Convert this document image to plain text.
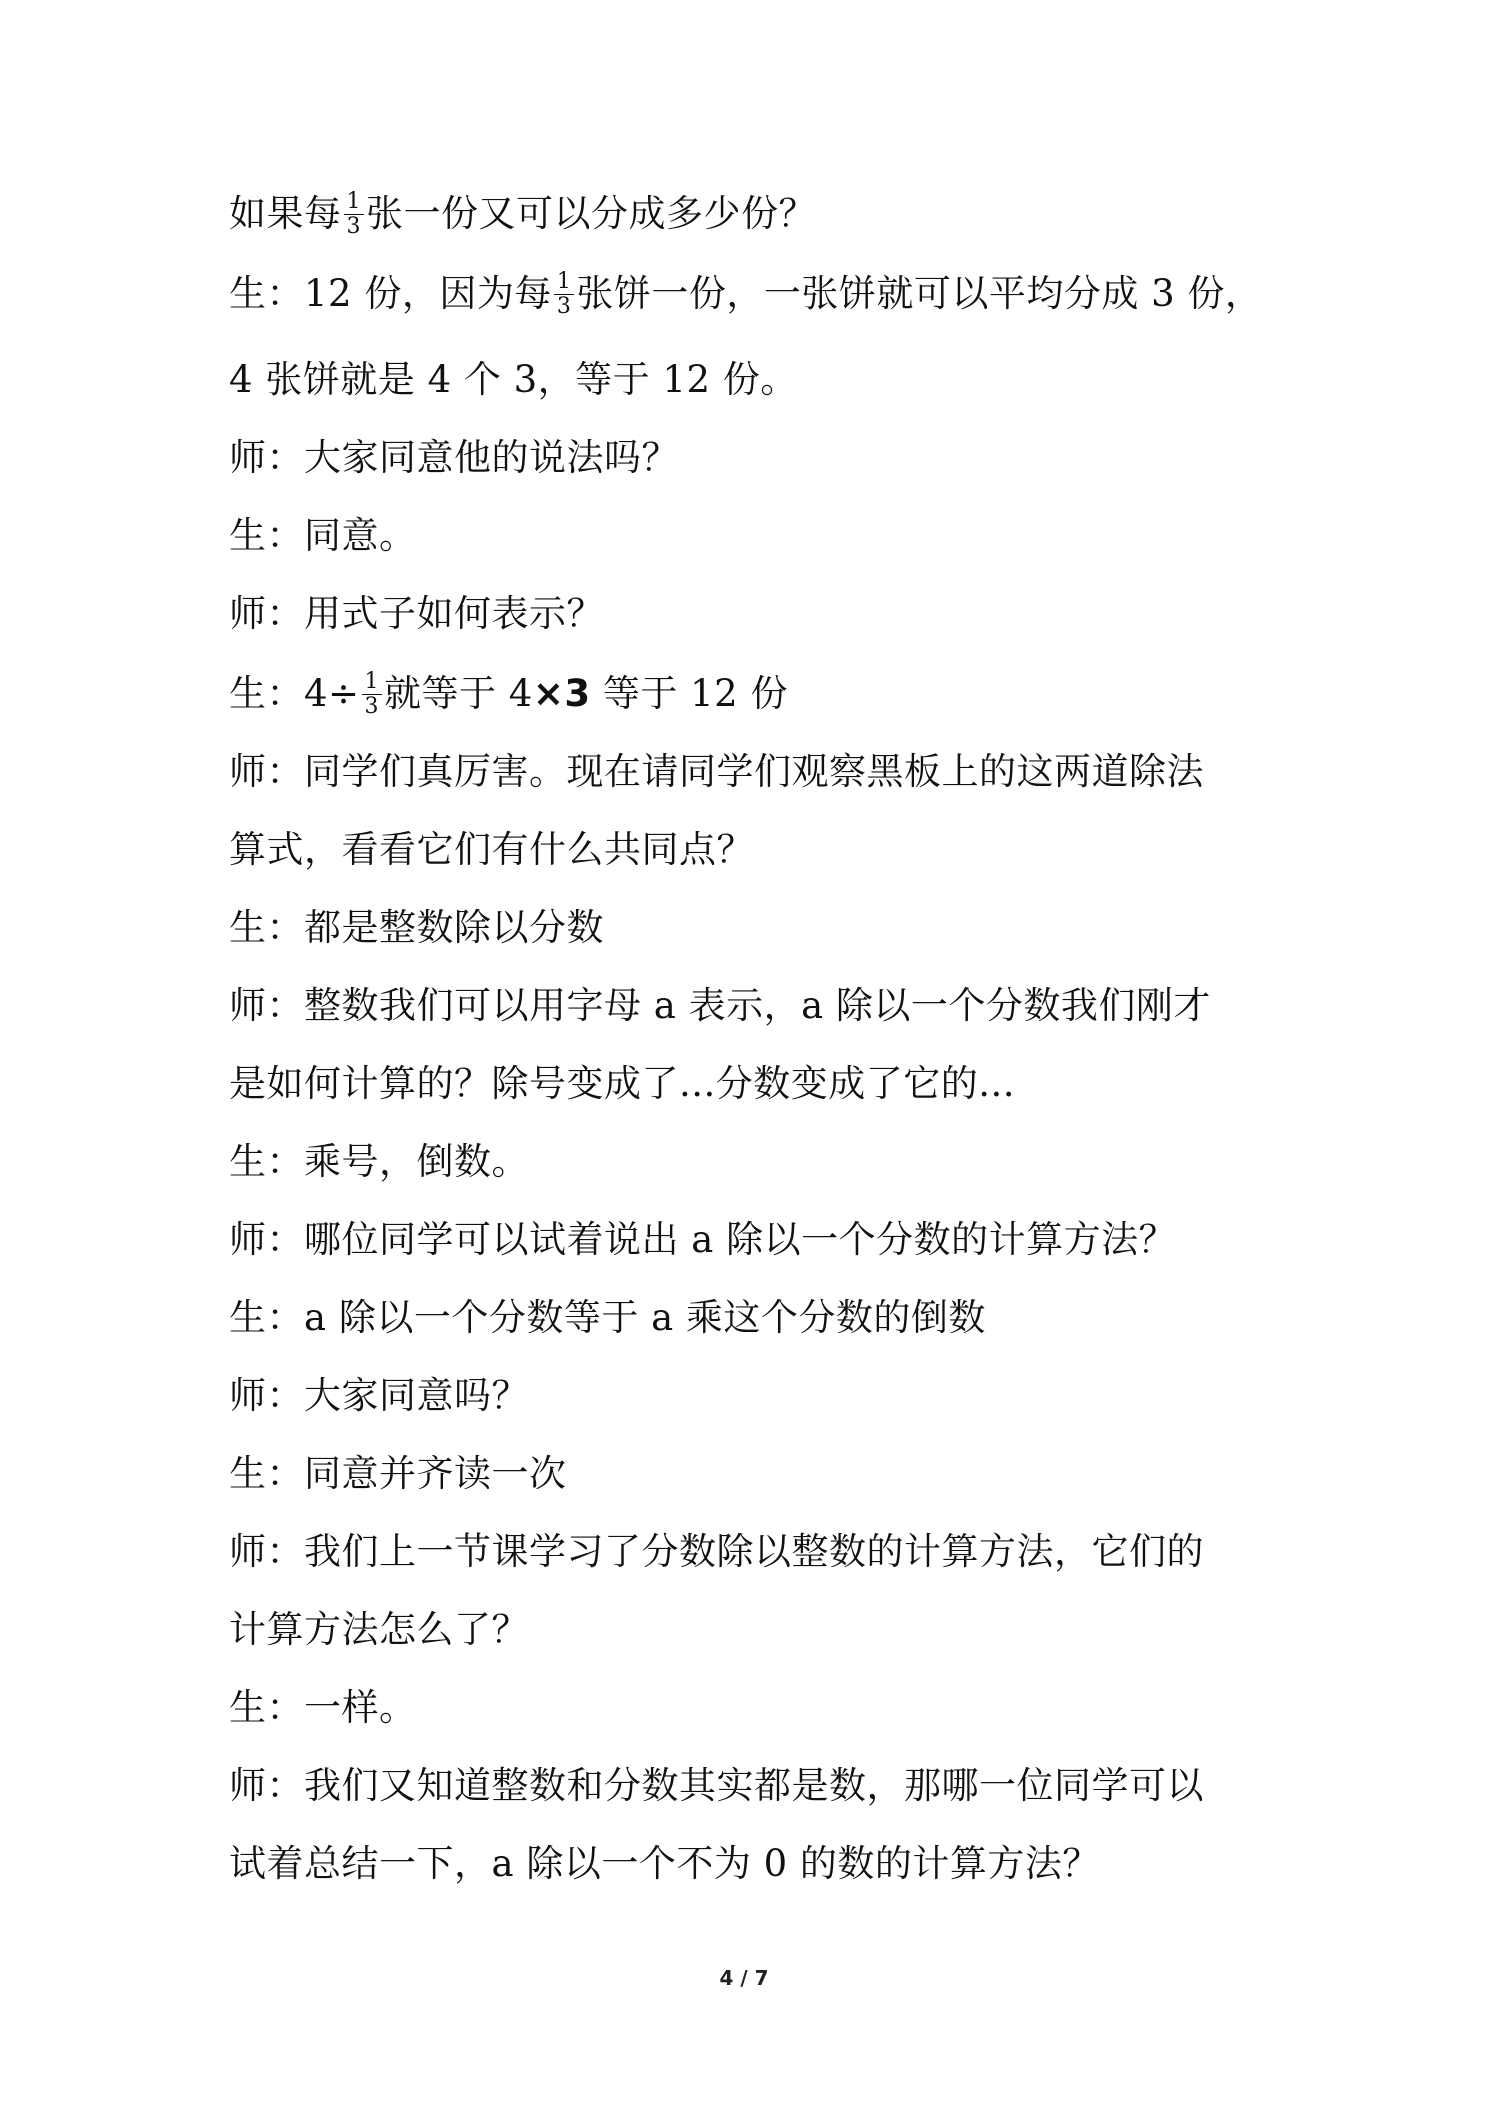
如果每 $\frac{1}{3}$ 张一份又可以分成多少份？
生：12 份，因为每 $\frac{1}{3}$ 张饼一份，一张饼就可以平均分成 3 份，
4 张饼就是 4 个 3，等于 12 份。
师：大家同意他的说法吗？
生：同意。
师：用式子如何表示？
生：$4\div \frac{1}{3}$ 就等于 4×3 等于 12 份
师：同学们真厉害。现在请同学们观察黑板上的这两道除法
算式，看看它们有什么共同点？
生：都是整数除以分数
师：整数我们可以用字母 a 表示，a 除以一个分数我们刚才
是如何计算的？除号变成了...分数变成了它的...
生：乘号，倒数。
师：哪位同学可以试着说出 a 除以一个分数的计算方法？
生：a 除以一个分数等于 a 乘这个分数的倒数
师：大家同意吗？
生：同意并齐读一次
师：我们上一节课学习了分数除以整数的计算方法，它们的
计算方法怎么了？
生：一样。
师：我们又知道整数和分数其实都是数，那哪一位同学可以
试着总结一下，a 除以一个不为 0 的数的计算方法？
4 / 7
